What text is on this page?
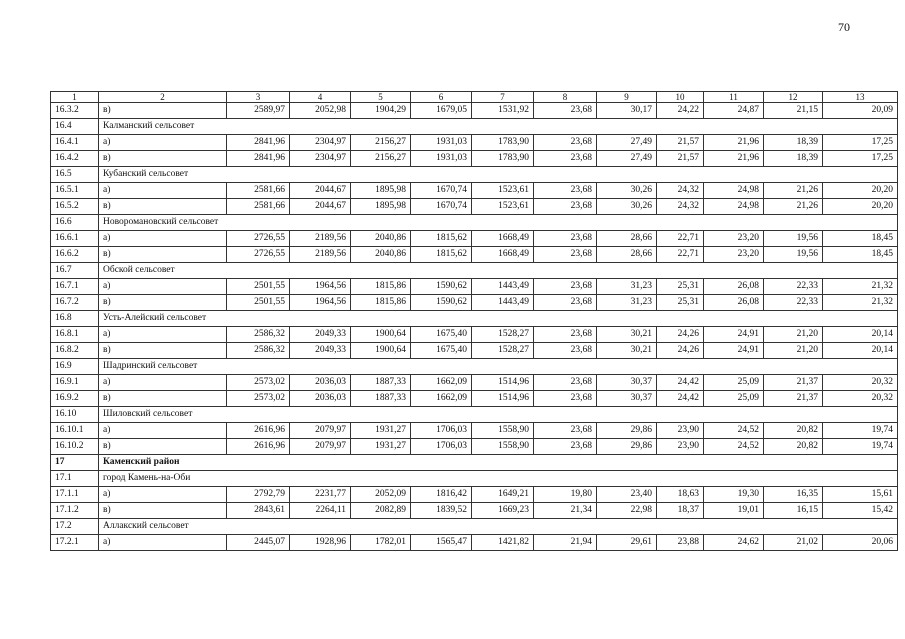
70
1	2	3	4	5	6	7	8	9	10	11	12	13
16.3.2	в)	2589,97	2052,98	1904,29	1679,05	1531,92	23,68	30,17	24,22	24,87	21,15	20,09
16.4	Калманский сельсовет											
16.4.1	а)	2841,96	2304,97	2156,27	1931,03	1783,90	23,68	27,49	21,57	21,96	18,39	17,25
16.4.2	в)	2841,96	2304,97	2156,27	1931,03	1783,90	23,68	27,49	21,57	21,96	18,39	17,25
16.5	Кубанский сельсовет											
16.5.1	а)	2581,66	2044,67	1895,98	1670,74	1523,61	23,68	30,26	24,32	24,98	21,26	20,20
16.5.2	в)	2581,66	2044,67	1895,98	1670,74	1523,61	23,68	30,26	24,32	24,98	21,26	20,20
16.6	Новоромановский сельсовет											
16.6.1	а)	2726,55	2189,56	2040,86	1815,62	1668,49	23,68	28,66	22,71	23,20	19,56	18,45
16.6.2	в)	2726,55	2189,56	2040,86	1815,62	1668,49	23,68	28,66	22,71	23,20	19,56	18,45
16.7	Обской сельсовет											
16.7.1	а)	2501,55	1964,56	1815,86	1590,62	1443,49	23,68	31,23	25,31	26,08	22,33	21,32
16.7.2	в)	2501,55	1964,56	1815,86	1590,62	1443,49	23,68	31,23	25,31	26,08	22,33	21,32
16.8	Усть-Алейский сельсовет											
16.8.1	а)	2586,32	2049,33	1900,64	1675,40	1528,27	23,68	30,21	24,26	24,91	21,20	20,14
16.8.2	в)	2586,32	2049,33	1900,64	1675,40	1528,27	23,68	30,21	24,26	24,91	21,20	20,14
16.9	Шадринский сельсовет											
16.9.1	а)	2573,02	2036,03	1887,33	1662,09	1514,96	23,68	30,37	24,42	25,09	21,37	20,32
16.9.2	в)	2573,02	2036,03	1887,33	1662,09	1514,96	23,68	30,37	24,42	25,09	21,37	20,32
16.10	Шиловский сельсовет											
16.10.1	а)	2616,96	2079,97	1931,27	1706,03	1558,90	23,68	29,86	23,90	24,52	20,82	19,74
16.10.2	в)	2616,96	2079,97	1931,27	1706,03	1558,90	23,68	29,86	23,90	24,52	20,82	19,74
17	Каменский район											
17.1	город Камень-на-Оби											
17.1.1	а)	2792,79	2231,77	2052,09	1816,42	1649,21	19,80	23,40	18,63	19,30	16,35	15,61
17.1.2	в)	2843,61	2264,11	2082,89	1839,52	1669,23	21,34	22,98	18,37	19,01	16,15	15,42
17.2	Аллакский сельсовет											
17.2.1	а)	2445,07	1928,96	1782,01	1565,47	1421,82	21,94	29,61	23,88	24,62	21,02	20,06
